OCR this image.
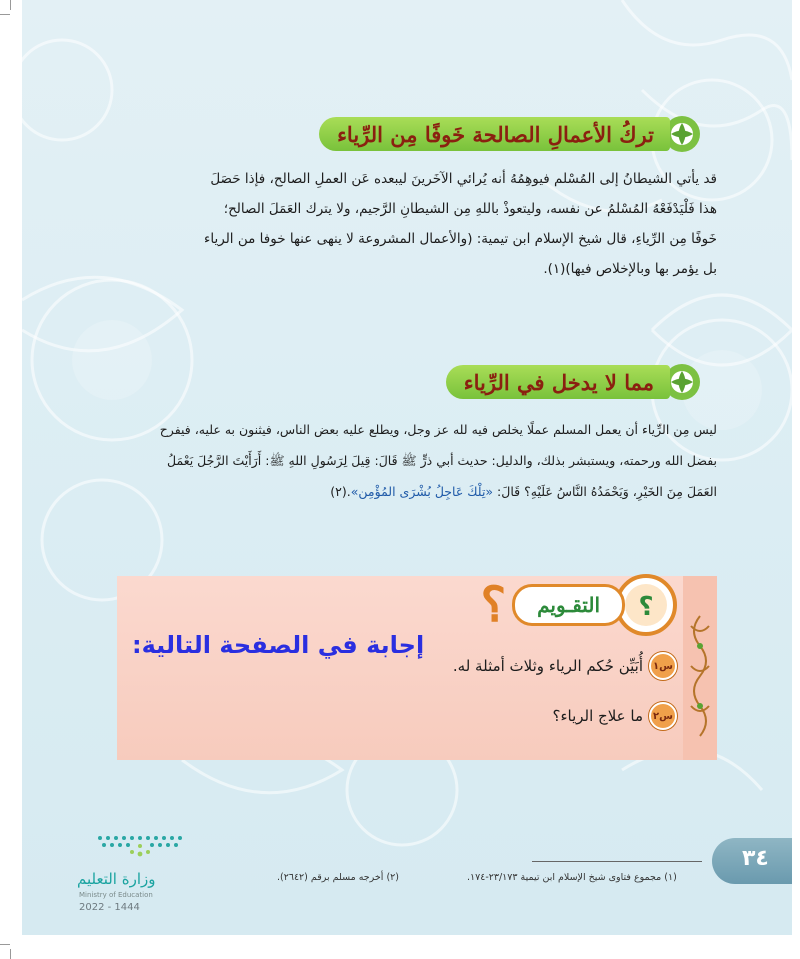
تركُ الأعمالِ الصالحة خَوفًا مِن الرِّياء
قد يأتي الشيطانُ إلى المُسْلم فيوهِمُهُ أنه يُرائي الآخَرينَ ليبعده عَن العملِ الصالح، فإذا حَصَلَ
هذا فَلْيَدْفَعْهُ المُسْلمُ عن نفسه، وليتعوذْ باللهِ مِن الشيطانِ الرَّجيم، ولا يترك العَمَلَ الصالح؛
خَوفًا مِن الرِّياءِ، قال شيخ الإسلام ابن تيمية: (والأعمال المشروعة لا ينهى عنها خوفا من الرياء
بل يؤمر بها وبالإخلاص فيها)(١).
مما لا يدخل في الرِّياء
ليس مِن الرِّياء أن يعمل المسلم عملًا يخلص فيه لله عز وجل، ويطلع عليه بعض الناس، فيثنون به عليه، فيفرح
بفضل الله ورحمته، ويستبشر بذلك، والدليل: حديث أبي ذرٍّ ﷺ قَالَ: قِيلَ لِرَسُولِ اللهِ ﷺ: أَرَأَيْتَ الرَّجُلَ يَعْمَلُ
العَمَلَ مِنَ الخَيْرِ، وَيَحْمَدُهُ النَّاسُ عَلَيْهِ؟ قَالَ: «تِلْكَ عَاجِلُ بُشْرَى المُؤْمِن».(٢)
؟
التقـويم
؟
س١
أُبَيِّن حُكم الرياء وثلاث أمثلة له.
س٢
ما علاج الرياء؟
إجابة في الصفحة التالية:
(١) مجموع فتاوى شيخ الإسلام ابن تيمية ٢٣/١٧٣-١٧٤.
(٢) أخرجه مسلم برقم (٢٦٤٢).
وزارة التعليم
Ministry of Education
2022 - 1444
٣٤
